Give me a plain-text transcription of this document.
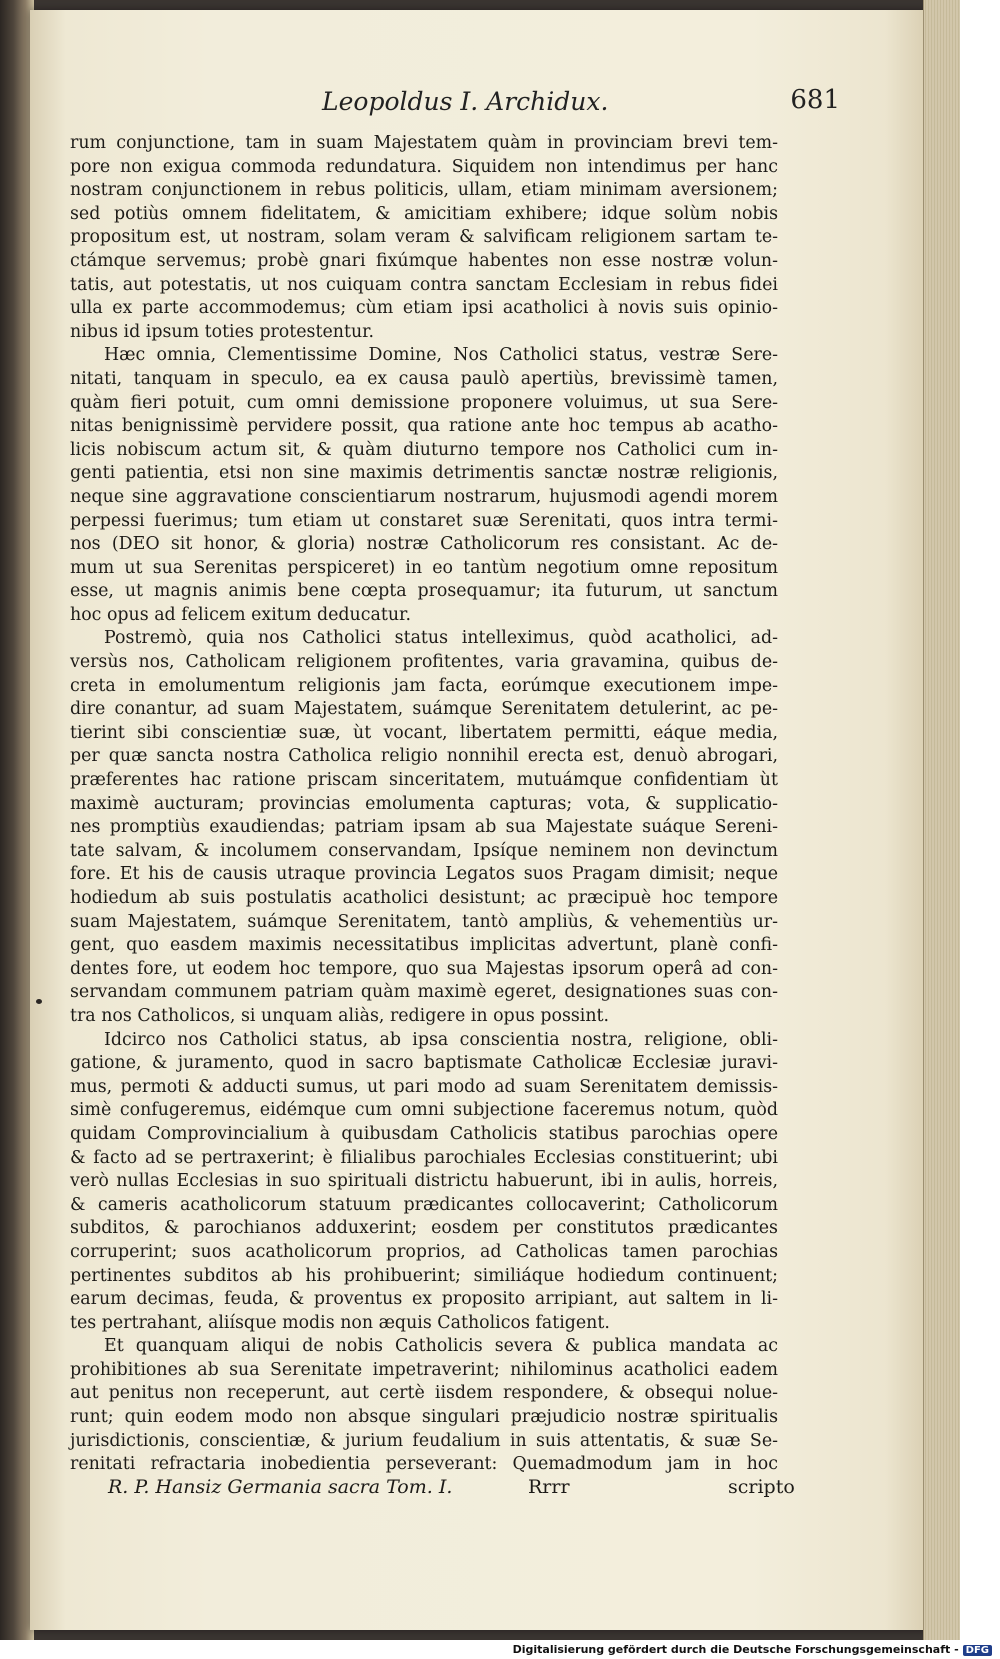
Leopoldus I. Archidux.	681
rum conjunctione, tam in suam Majestatem quàm in provinciam brevi tem-
pore non exigua commoda redundatura. Siquidem non intendimus per hanc
nostram conjunctionem in rebus politicis, ullam, etiam minimam aversionem;
sed potiùs omnem fidelitatem, & amicitiam exhibere; idque solùm nobis
propositum est, ut nostram, solam veram & salvificam religionem sartam te-
ctámque servemus; probè gnari fixúmque habentes non esse nostræ volun-
tatis, aut potestatis, ut nos cuiquam contra sanctam Ecclesiam in rebus fidei
ulla ex parte accommodemus; cùm etiam ipsi acatholici à novis suis opinio-
nibus id ipsum toties protestentur.
Hæc omnia, Clementissime Domine, Nos Catholici status, vestræ Sere-
nitati, tanquam in speculo, ea ex causa paulò apertiùs, brevissimè tamen,
quàm fieri potuit, cum omni demissione proponere voluimus, ut sua Sere-
nitas benignissimè pervidere possit, qua ratione ante hoc tempus ab acatho-
licis nobiscum actum sit, & quàm diuturno tempore nos Catholici cum in-
genti patientia, etsi non sine maximis detrimentis sanctæ nostræ religionis,
neque sine aggravatione conscientiarum nostrarum, hujusmodi agendi morem
perpessi fuerimus; tum etiam ut constaret suæ Serenitati, quos intra termi-
nos (DEO sit honor, & gloria) nostræ Catholicorum res consistant. Ac de-
mum ut sua Serenitas perspiceret) in eo tantùm negotium omne repositum
esse, ut magnis animis bene cœpta prosequamur; ita futurum, ut sanctum
hoc opus ad felicem exitum deducatur.
Postremò, quia nos Catholici status intelleximus, quòd acatholici, ad-
versùs nos, Catholicam religionem profitentes, varia gravamina, quibus de-
creta in emolumentum religionis jam facta, eorúmque executionem impe-
dire conantur, ad suam Majestatem, suámque Serenitatem detulerint, ac pe-
tierint sibi conscientiæ suæ, ùt vocant, libertatem permitti, eáque media,
per quæ sancta nostra Catholica religio nonnihil erecta est, denuò abrogari,
præferentes hac ratione priscam sinceritatem, mutuámque confidentiam ùt
maximè aucturam; provincias emolumenta capturas; vota, & supplicatio-
nes promptiùs exaudiendas; patriam ipsam ab sua Majestate suáque Sereni-
tate salvam, & incolumem conservandam, Ipsíque neminem non devinctum
fore. Et his de causis utraque provincia Legatos suos Pragam dimisit; neque
hodiedum ab suis postulatis acatholici desistunt; ac præcipuè hoc tempore
suam Majestatem, suámque Serenitatem, tantò ampliùs, & vehementiùs ur-
gent, quo easdem maximis necessitatibus implicitas advertunt, planè confi-
dentes fore, ut eodem hoc tempore, quo sua Majestas ipsorum operâ ad con-
servandam communem patriam quàm maximè egeret, designationes suas con-
tra nos Catholicos, si unquam aliàs, redigere in opus possint.
Idcirco nos Catholici status, ab ipsa conscientia nostra, religione, obli-
gatione, & juramento, quod in sacro baptismate Catholicæ Ecclesiæ juravi-
mus, permoti & adducti sumus, ut pari modo ad suam Serenitatem demissis-
simè confugeremus, eidémque cum omni subjectione faceremus notum, quòd
quidam Comprovincialium à quibusdam Catholicis statibus parochias opere
& facto ad se pertraxerint; è filialibus parochiales Ecclesias constituerint; ubi
verò nullas Ecclesias in suo spirituali districtu habuerunt, ibi in aulis, horreis,
& cameris acatholicorum statuum prædicantes collocaverint; Catholicorum
subditos, & parochianos adduxerint; eosdem per constitutos prædicantes
corruperint; suos acatholicorum proprios, ad Catholicas tamen parochias
pertinentes subditos ab his prohibuerint; similiáque hodiedum continuent;
earum decimas, feuda, & proventus ex proposito arripiant, aut saltem in li-
tes pertrahant, aliísque modis non æquis Catholicos fatigent.
Et quanquam aliqui de nobis Catholicis severa & publica mandata ac
prohibitiones ab sua Serenitate impetraverint; nihilominus acatholici eadem
aut penitus non receperunt, aut certè iisdem respondere, & obsequi nolue-
runt; quin eodem modo non absque singulari præjudicio nostræ spiritualis
jurisdictionis, conscientiæ, & jurium feudalium in suis attentatis, & suæ Se-
renitati refractaria inobedientia perseverant: Quemadmodum jam in hoc
R. P. Hansiz Germania sacra Tom. I.	Rrrr	scripto
Digitalisierung gefördert durch die Deutsche Forschungsgemeinschaft - DFG
